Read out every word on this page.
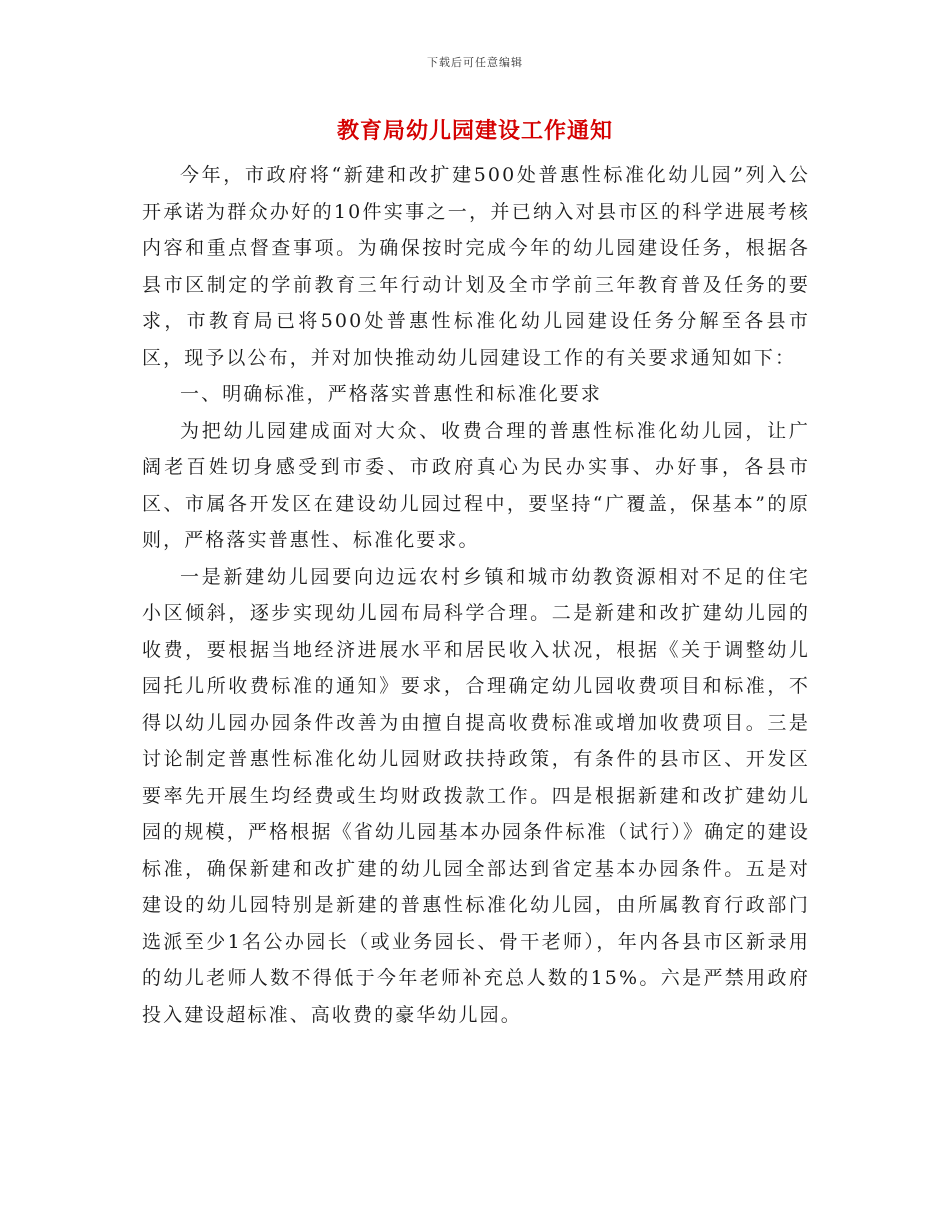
下载后可任意编辑
教育局幼儿园建设工作通知

今年，市政府将“新建和改扩建500处普惠性标准化幼儿园”列入公开承诺为群众办好的10件实事之一，并已纳入对县市区的科学进展考核内容和重点督查事项。为确保按时完成今年的幼儿园建设任务，根据各县市区制定的学前教育三年行动计划及全市学前三年教育普及任务的要求，市教育局已将500处普惠性标准化幼儿园建设任务分解至各县市区，现予以公布，并对加快推动幼儿园建设工作的有关要求通知如下：

一、明确标准，严格落实普惠性和标准化要求

为把幼儿园建成面对大众、收费合理的普惠性标准化幼儿园，让广阔老百姓切身感受到市委、市政府真心为民办实事、办好事，各县市区、市属各开发区在建设幼儿园过程中，要坚持“广覆盖，保基本”的原则，严格落实普惠性、标准化要求。

一是新建幼儿园要向边远农村乡镇和城市幼教资源相对不足的住宅小区倾斜，逐步实现幼儿园布局科学合理。二是新建和改扩建幼儿园的收费，要根据当地经济进展水平和居民收入状况，根据《关于调整幼儿园托儿所收费标准的通知》要求，合理确定幼儿园收费项目和标准，不得以幼儿园办园条件改善为由擅自提高收费标准或增加收费项目。三是讨论制定普惠性标准化幼儿园财政扶持政策，有条件的县市区、开发区要率先开展生均经费或生均财政拨款工作。四是根据新建和改扩建幼儿园的规模，严格根据《省幼儿园基本办园条件标准（试行）》确定的建设标准，确保新建和改扩建的幼儿园全部达到省定基本办园条件。五是对建设的幼儿园特别是新建的普惠性标准化幼儿园，由所属教育行政部门选派至少1名公办园长（或业务园长、骨干老师），年内各县市区新录用的幼儿老师人数不得低于今年老师补充总人数的15%。六是严禁用政府投入建设超标准、高收费的豪华幼儿园。
